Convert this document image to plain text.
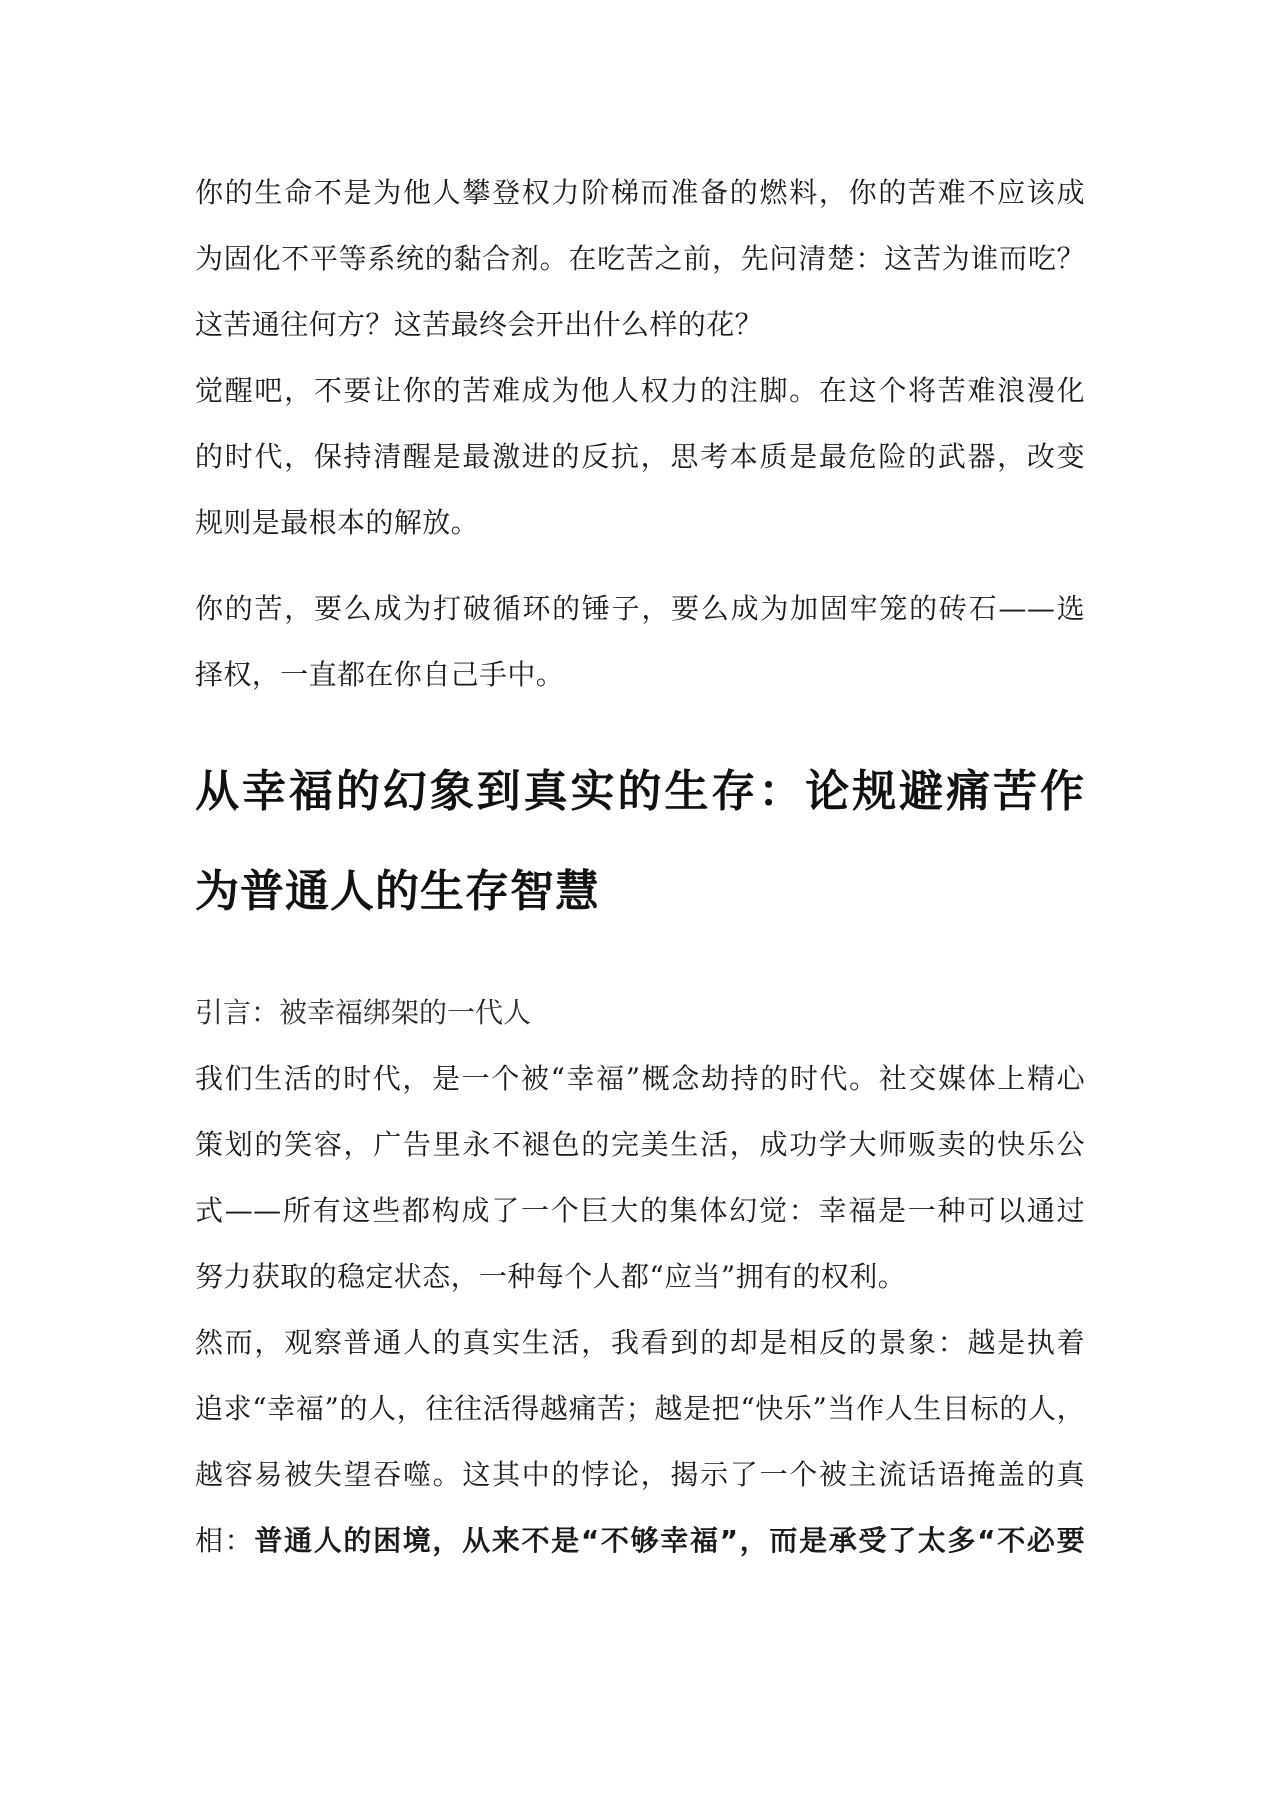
你的生命不是为他人攀登权力阶梯而准备的燃料，你的苦难不应该成
为固化不平等系统的黏合剂。在吃苦之前，先问清楚：这苦为谁而吃？
这苦通往何方？这苦最终会开出什么样的花？
觉醒吧，不要让你的苦难成为他人权力的注脚。在这个将苦难浪漫化
的时代，保持清醒是最激进的反抗，思考本质是最危险的武器，改变
规则是最根本的解放。
你的苦，要么成为打破循环的锤子，要么成为加固牢笼的砖石——选
择权，一直都在你自己手中。
从幸福的幻象到真实的生存：论规避痛苦作
为普通人的生存智慧
引言：被幸福绑架的一代人
我们生活的时代，是一个被“幸福”概念劫持的时代。社交媒体上精心
策划的笑容，广告里永不褪色的完美生活，成功学大师贩卖的快乐公
式——所有这些都构成了一个巨大的集体幻觉：幸福是一种可以通过
努力获取的稳定状态，一种每个人都“应当”拥有的权利。
然而，观察普通人的真实生活，我看到的却是相反的景象：越是执着
追求“幸福”的人，往往活得越痛苦；越是把“快乐”当作人生目标的人，
越容易被失望吞噬。这其中的悖论，揭示了一个被主流话语掩盖的真
相：普通人的困境，从来不是“不够幸福”，而是承受了太多“不必要
